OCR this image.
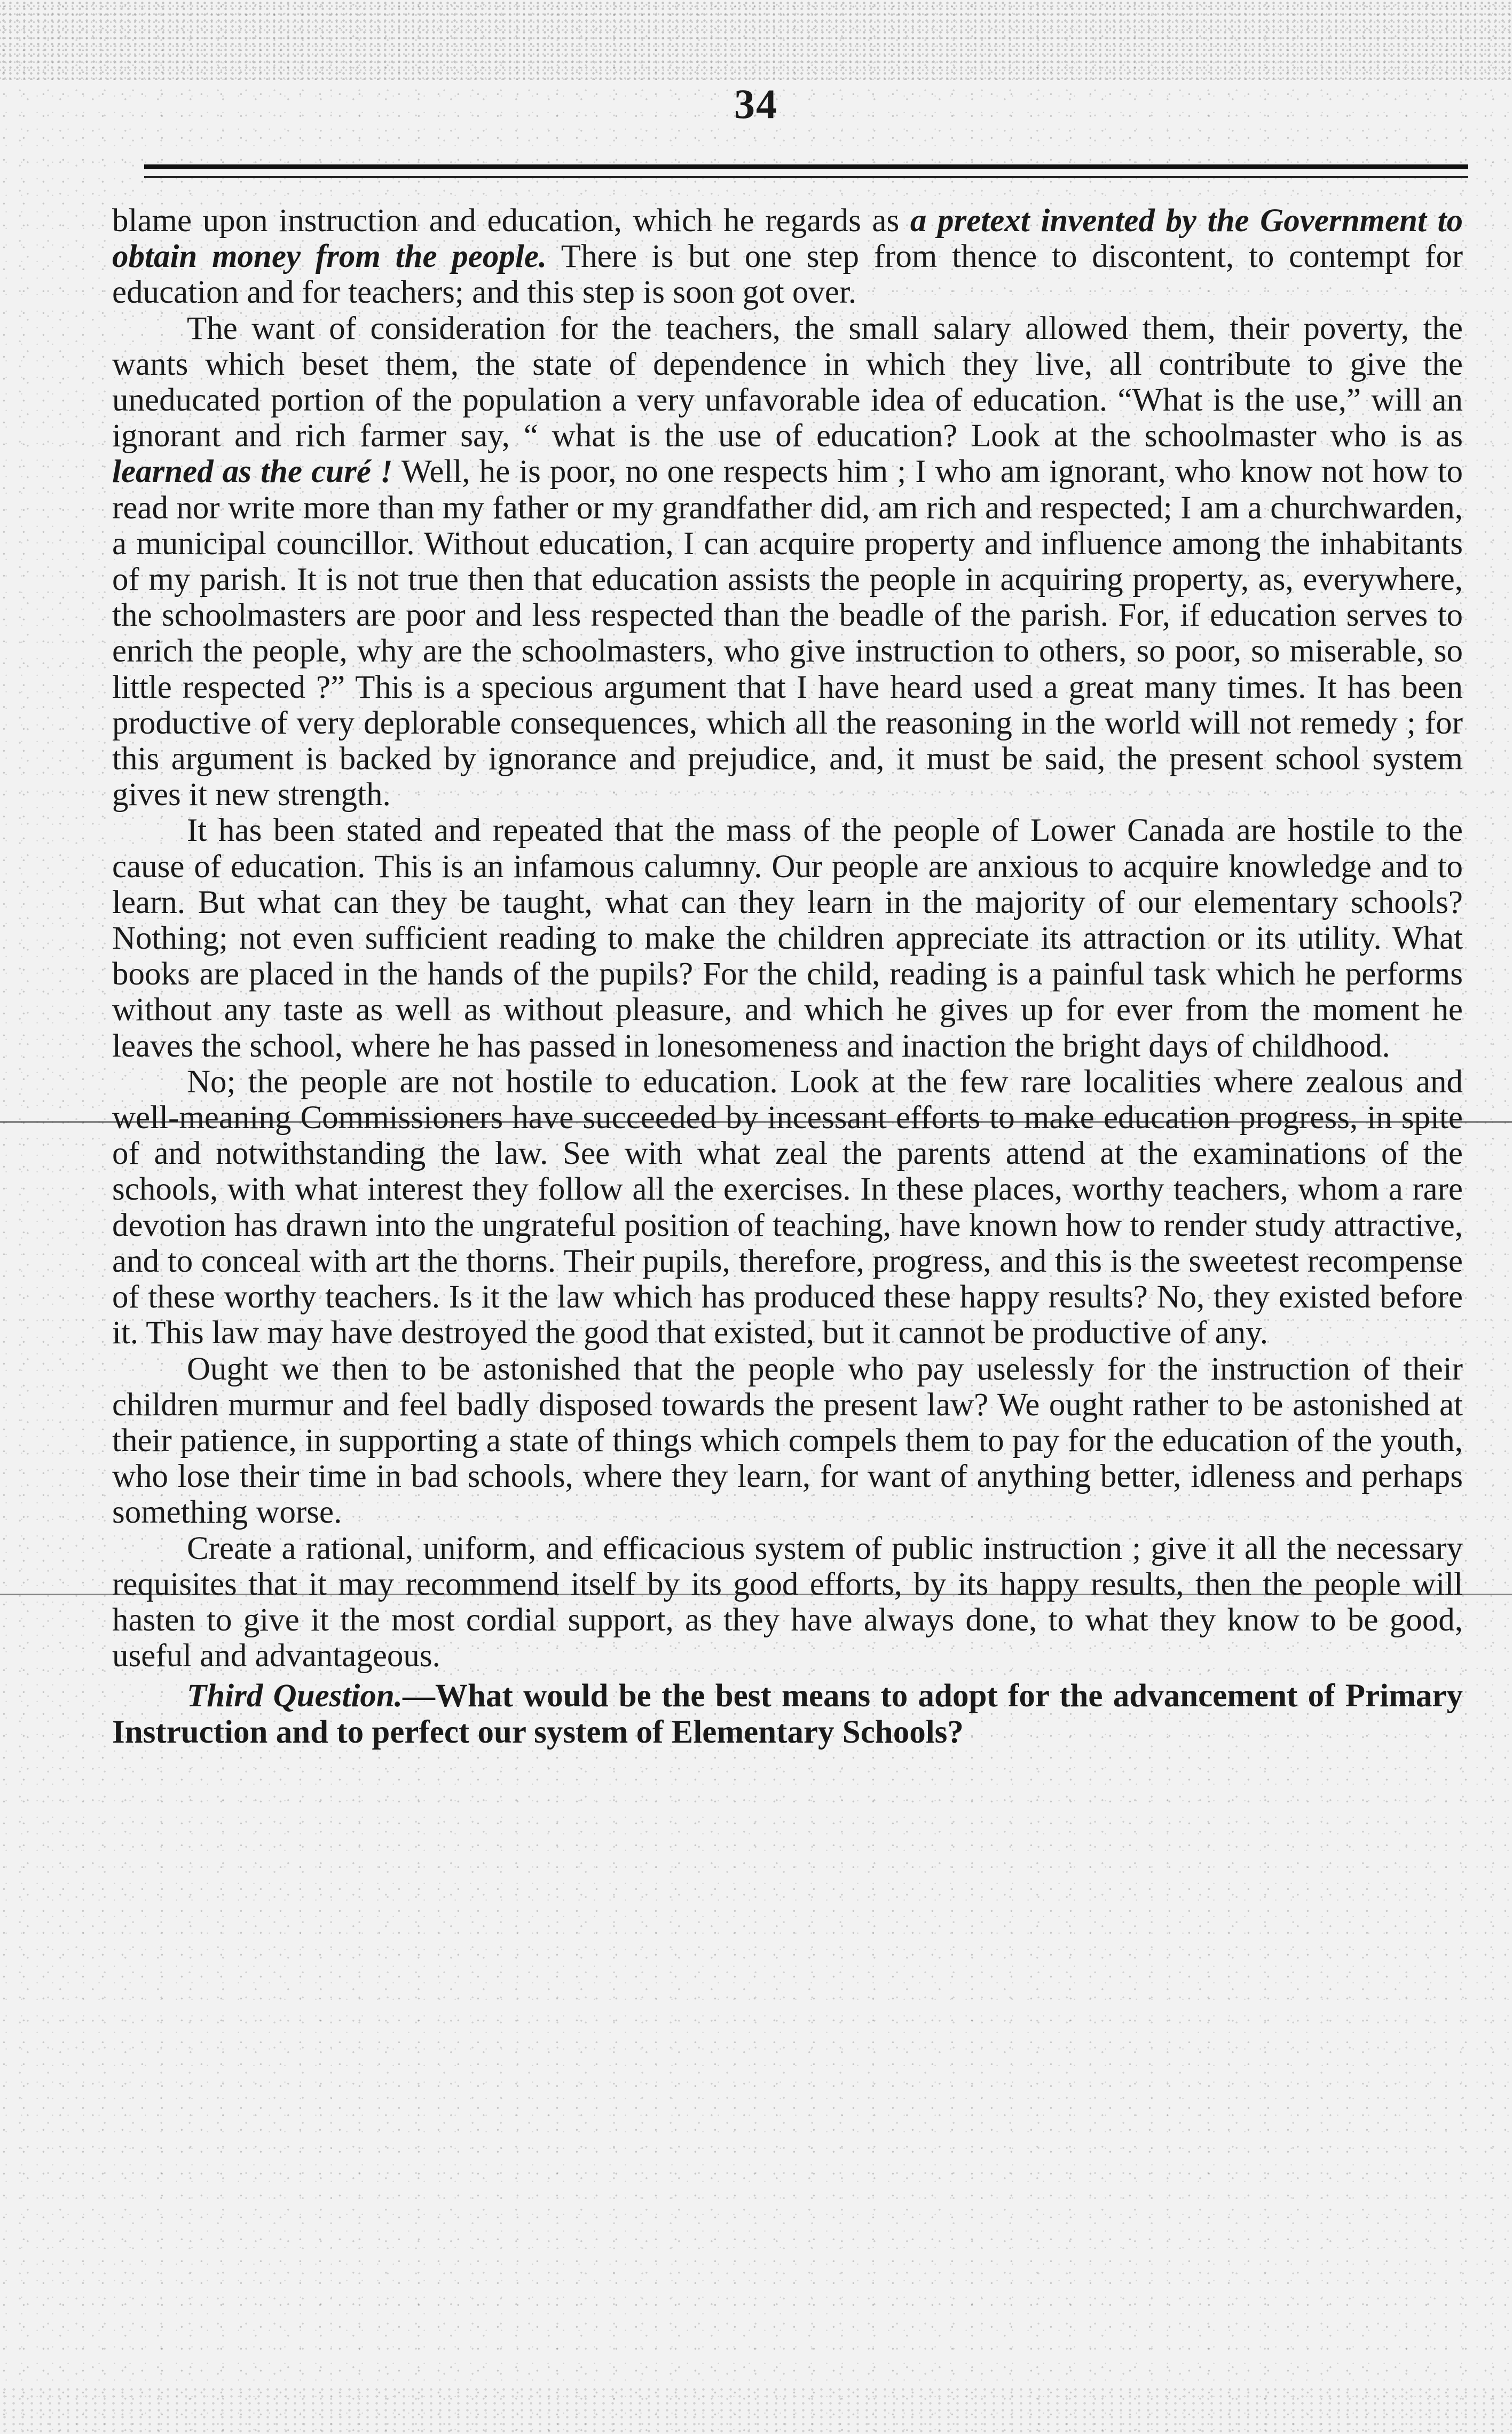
34

blame upon instruction and education, which he regards as a pretext invented by the Government to obtain money from the people. There is but one step from thence to discontent, to contempt for education and for teachers; and this step is soon got over.

The want of consideration for the teachers, the small salary allowed them, their poverty, the wants which beset them, the state of dependence in which they live, all contribute to give the uneducated portion of the population a very unfavorable idea of education. “What is the use,” will an ignorant and rich farmer say, “ what is the use of education? Look at the schoolmaster who is as learned as the curé ! Well, he is poor, no one respects him ; I who am ignorant, who know not how to read nor write more than my father or my grandfather did, am rich and respected; I am a churchwarden, a municipal councillor. Without education, I can acquire property and influence among the inhabitants of my parish. It is not true then that education assists the people in acquiring property, as, everywhere, the schoolmasters are poor and less respected than the beadle of the parish. For, if education serves to enrich the people, why are the schoolmasters, who give instruction to others, so poor, so miserable, so little respected ?” This is a specious argument that I have heard used a great many times. It has been productive of very deplorable consequences, which all the reasoning in the world will not remedy ; for this argument is backed by ignorance and prejudice, and, it must be said, the present school system gives it new strength.

It has been stated and repeated that the mass of the people of Lower Canada are hostile to the cause of education. This is an infamous calumny. Our people are anxious to acquire knowledge and to learn. But what can they be taught, what can they learn in the majority of our elementary schools? Nothing; not even sufficient reading to make the children appreciate its attraction or its utility. What books are placed in the hands of the pupils? For the child, reading is a painful task which he performs without any taste as well as without pleasure, and which he gives up for ever from the moment he leaves the school, where he has passed in lonesomeness and inaction the bright days of childhood.

No; the people are not hostile to education. Look at the few rare localities where zealous and well-meaning Commissioners have succeeded by incessant efforts to make education progress, in spite of and notwithstanding the law. See with what zeal the parents attend at the examinations of the schools, with what interest they follow all the exercises. In these places, worthy teachers, whom a rare devotion has drawn into the ungrateful position of teaching, have known how to render study attractive, and to conceal with art the thorns. Their pupils, therefore, progress, and this is the sweetest recompense of these worthy teachers. Is it the law which has produced these happy results? No, they existed before it. This law may have destroyed the good that existed, but it cannot be productive of any.

Ought we then to be astonished that the people who pay uselessly for the instruction of their children murmur and feel badly disposed towards the present law? We ought rather to be astonished at their patience, in supporting a state of things which compels them to pay for the education of the youth, who lose their time in bad schools, where they learn, for want of anything better, idleness and perhaps something worse.

Create a rational, uniform, and efficacious system of public instruction ; give it all the necessary requisites that it may recommend itself by its good efforts, by its happy results, then the people will hasten to give it the most cordial support, as they have always done, to what they know to be good, useful and advantageous.

Third Question.—What would be the best means to adopt for the advancement of Primary Instruction and to perfect our system of Elementary Schools?
